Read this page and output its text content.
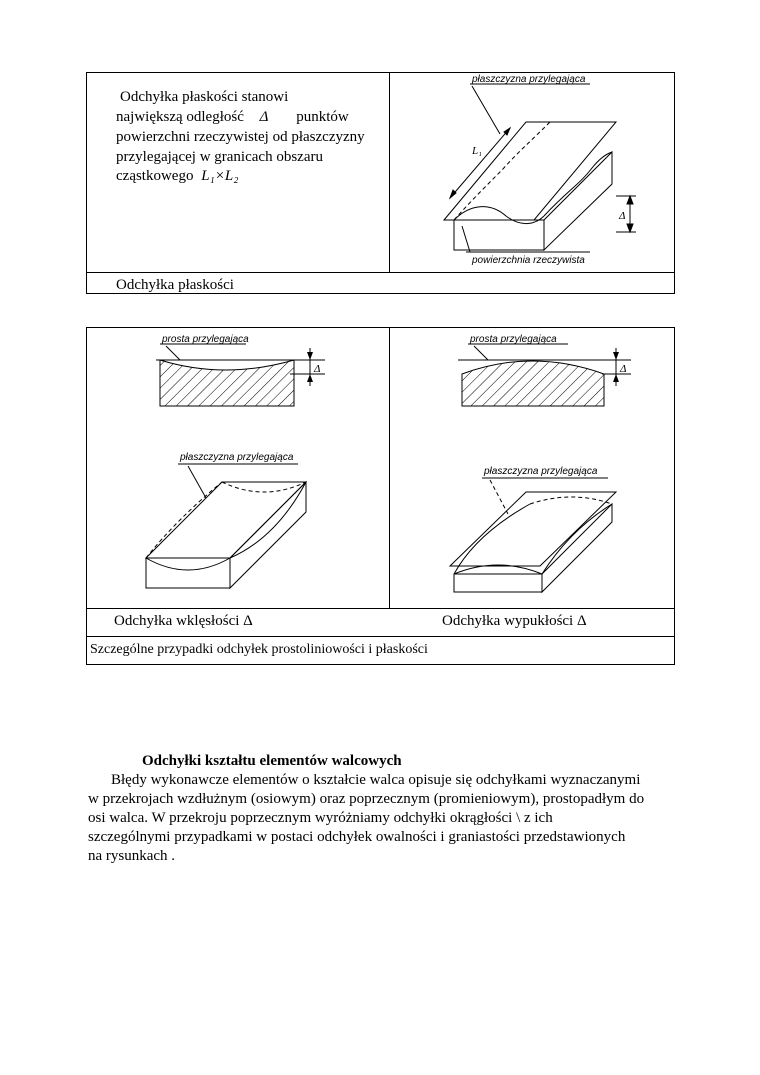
Odchyłka płaskości stanowi
największą odległość Δ punktów
powierzchni rzeczywistej od płaszczyzny
przylegającej w granicach obszaru
cząstkowego L₁×L₂
Odchyłka płaskości
płaszczyzna przylegająca
powierzchnia rzeczywista
L₁
Δ
prosta przylegająca
Δ
płaszczyzna przylegająca
prosta przylegająca
Δ
płaszczyzna przylegająca
Odchyłka wklęsłości Δ	Odchyłka wypukłości Δ
Szczególne przypadki odchyłek prostoliniowości i płaskości
Odchyłki kształtu elementów walcowych
Błędy wykonawcze elementów o kształcie walca opisuje się odchyłkami wyznaczanymi
w przekrojach wzdłużnym (osiowym) oraz poprzecznym (promieniowym), prostopadłym do
osi walca. W przekroju poprzecznym wyróżniamy odchyłki okrągłości \ z ich
szczególnymi przypadkami w postaci odchyłek owalności i graniastości przedstawionych
na rysunkach .
